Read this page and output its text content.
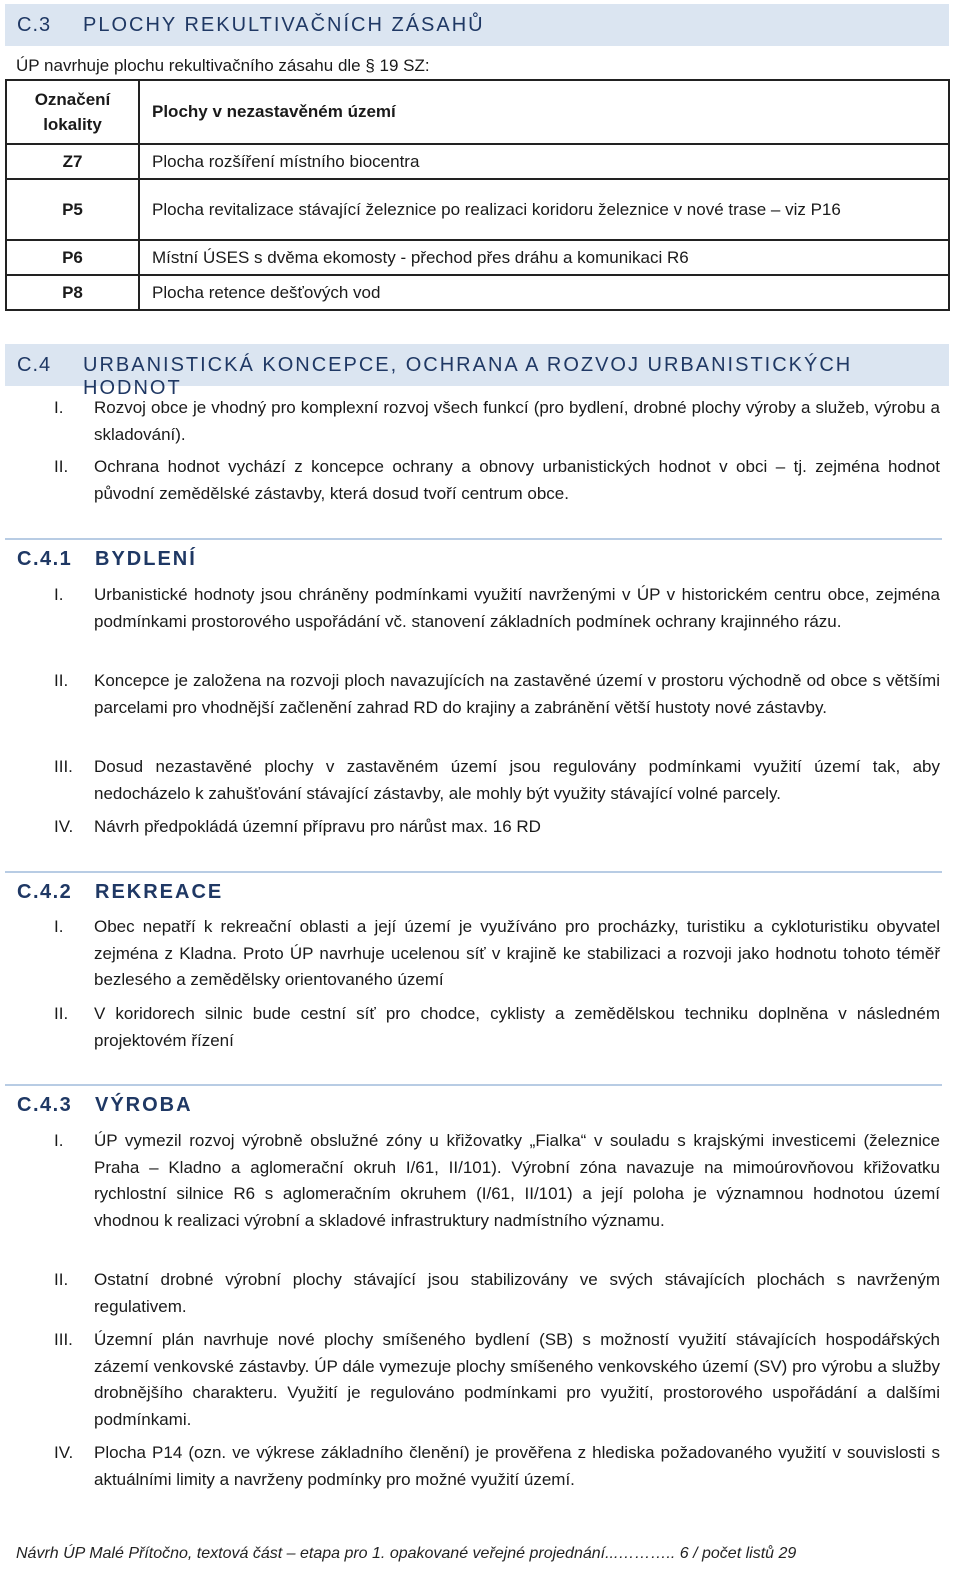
C.3 PLOCHY REKULTIVAČNÍCH ZÁSAHŮ
ÚP navrhuje plochu rekultivačního zásahu dle § 19 SZ:
Označení lokality	Plochy v nezastavěném území
Z7	Plocha rozšíření místního biocentra
P5	Plocha revitalizace stávající železnice po realizaci koridoru železnice v nové trase – viz P16
P6	Místní ÚSES s dvěma ekomosty - přechod přes dráhu a komunikaci R6
P8	Plocha retence dešťových vod
C.4 URBANISTICKÁ KONCEPCE, OCHRANA A ROZVOJ URBANISTICKÝCH HODNOT
I.	Rozvoj obce je vhodný pro komplexní rozvoj všech funkcí (pro bydlení, drobné plochy výroby a služeb, výrobu a skladování).
II.	Ochrana hodnot vychází z koncepce ochrany a obnovy urbanistických hodnot v obci – tj. zejména hodnot původní zemědělské zástavby, která dosud tvoří centrum obce.
C.4.1 BYDLENÍ
I.	Urbanistické hodnoty jsou chráněny podmínkami využití navrženými v ÚP v historickém centru obce, zejména podmínkami prostorového uspořádání vč. stanovení základních podmínek ochrany krajinného rázu.
II.	Koncepce je založena na rozvoji ploch navazujících na zastavěné území v prostoru východně od obce s většími parcelami pro vhodnější začlenění zahrad RD do krajiny a zabránění větší hustoty nové zástavby.
III.	Dosud nezastavěné plochy v zastavěném území jsou regulovány podmínkami využití území tak, aby nedocházelo k zahušťování stávající zástavby, ale mohly být využity stávající volné parcely.
IV.	Návrh předpokládá územní přípravu pro nárůst max. 16 RD
C.4.2 REKREACE
I.	Obec nepatří k rekreační oblasti a její území je využíváno pro procházky, turistiku a cykloturistiku obyvatel zejména z Kladna. Proto ÚP navrhuje ucelenou síť v krajině ke stabilizaci a rozvoji jako hodnotu tohoto téměř bezlesého a zemědělsky orientovaného území
II.	V koridorech silnic bude cestní síť pro chodce, cyklisty a zemědělskou techniku doplněna v následném projektovém řízení
C.4.3 VÝROBA
I.	ÚP vymezil rozvoj výrobně obslužné zóny u křižovatky „Fialka“ v souladu s krajskými investicemi (železnice Praha – Kladno a aglomerační okruh I/61, II/101). Výrobní zóna navazuje na mimoúrovňovou křižovatku rychlostní silnice R6 s aglomeračním okruhem (I/61, II/101) a její poloha je významnou hodnotou území vhodnou k realizaci výrobní a skladové infrastruktury nadmístního významu.
II.	Ostatní drobné výrobní plochy stávající jsou stabilizovány ve svých stávajících plochách s navrženým regulativem.
III.	Územní plán navrhuje nové plochy smíšeného bydlení (SB) s možností využití stávajících hospodářských zázemí venkovské zástavby. ÚP dále vymezuje plochy smíšeného venkovského území (SV) pro výrobu a služby drobnějšího charakteru. Využití je regulováno podmínkami pro využití, prostorového uspořádání a dalšími podmínkami.
IV.	Plocha P14 (ozn. ve výkrese základního členění) je prověřena z hlediska požadovaného využití v souvislosti s aktuálními limity a navrženy podmínky pro možné využití území.
Návrh ÚP Malé Přítočno, textová část – etapa pro 1. opakované veřejné projednání...……….. 6 / počet listů 29
